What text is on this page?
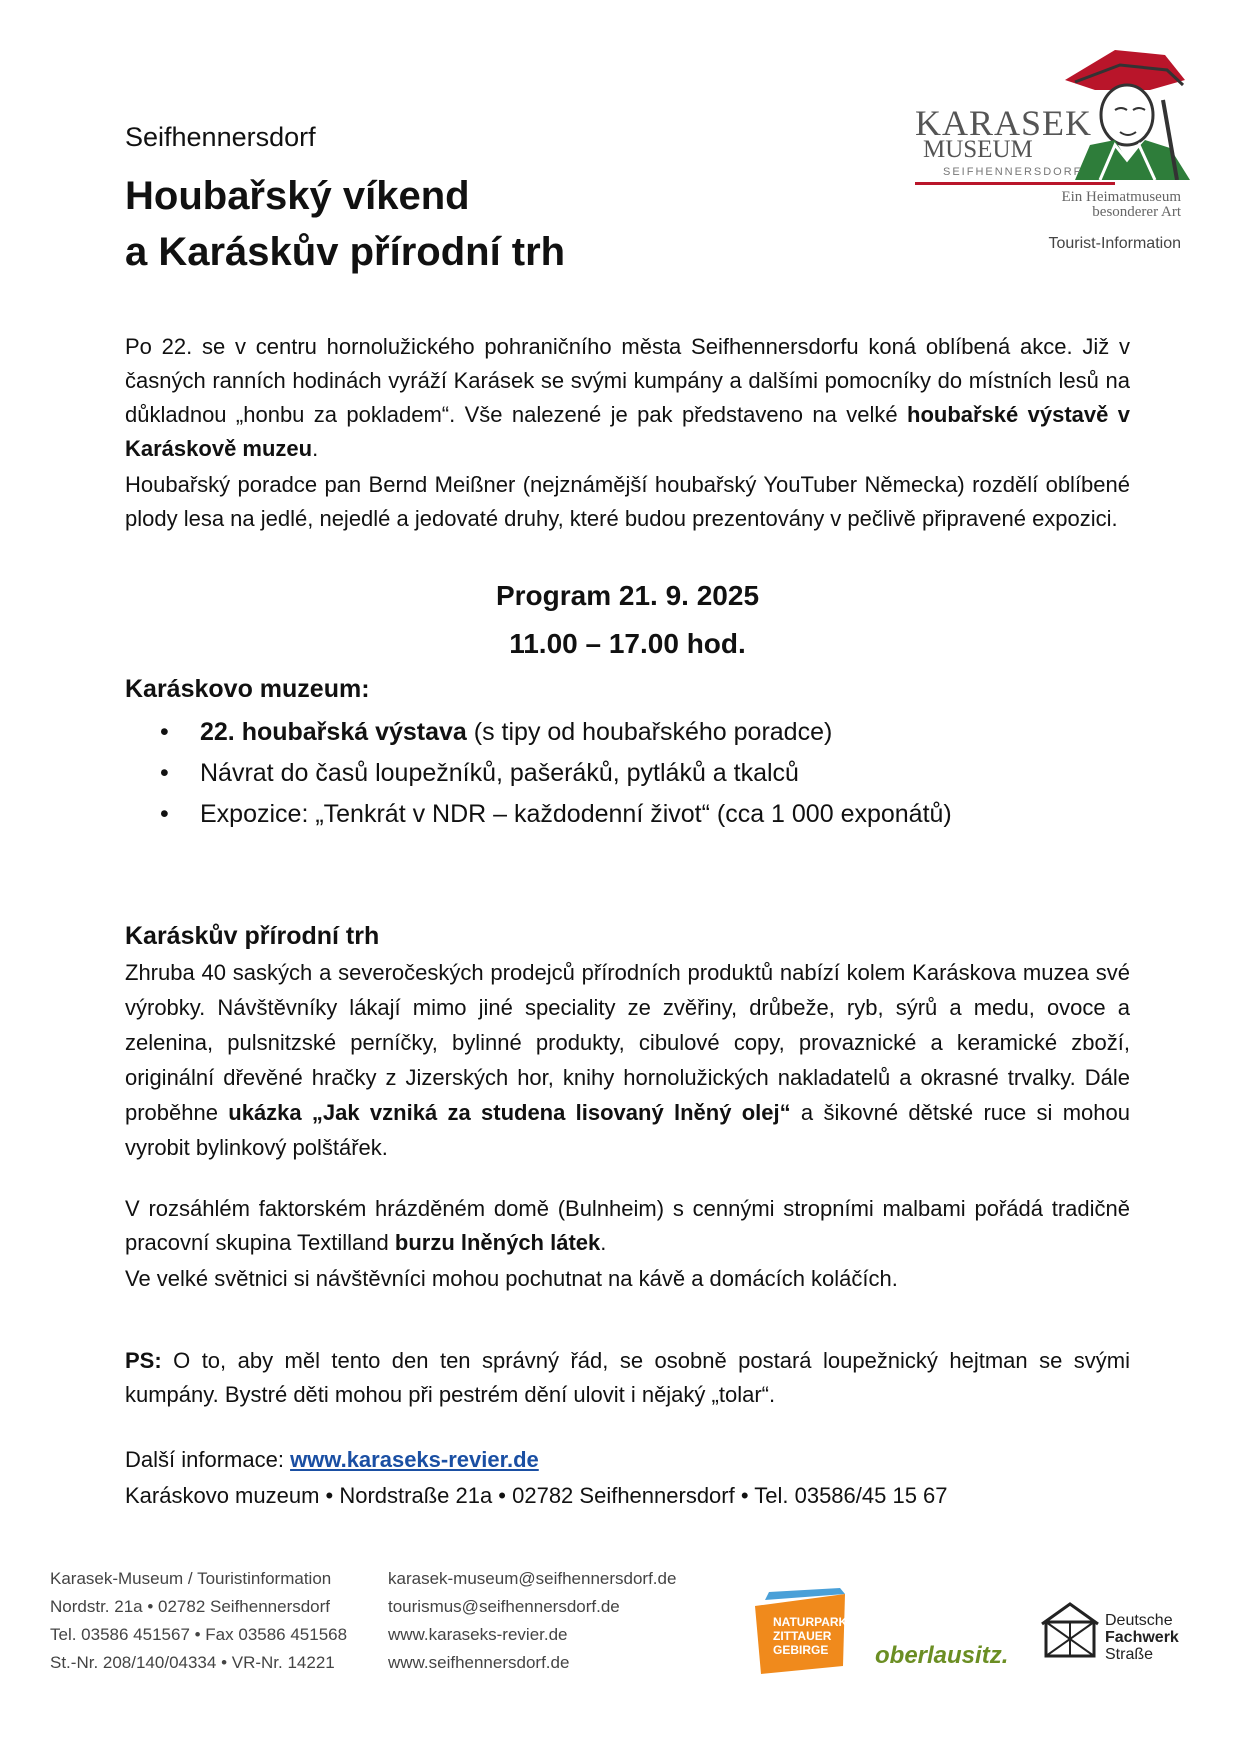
Seifhennersdorf
Houbařský víkend
a Karáskův přírodní trh
KARASEK
MUSEUM
SEIFHENNERSDORF
Ein Heimatmuseum
besonderer Art
Tourist-Information
Po 22. se v centru hornolužického pohraničního města Seifhennersdorfu koná oblíbená akce. Již v časných ranních hodinách vyráží Karásek se svými kumpány a dalšími pomocníky do místních lesů na důkladnou „honbu za pokladem“. Vše nalezené je pak představeno na velké houbařské výstavě v Karáskově muzeu.
Houbařský poradce pan Bernd Meißner (nejznámější houbařský YouTuber Německa) rozdělí oblíbené plody lesa na jedlé, nejedlé a jedovaté druhy, které budou prezentovány v pečlivě připravené expozici.
Program 21. 9. 2025
11.00 – 17.00 hod.
Karáskovo muzeum:
• 22. houbařská výstava (s tipy od houbařského poradce)
• Návrat do časů loupežníků, pašeráků, pytláků a tkalců
• Expozice: „Tenkrát v NDR – každodenní život“ (cca 1 000 exponátů)
Karáskův přírodní trh
Zhruba 40 saských a severočeských prodejců přírodních produktů nabízí kolem Karáskova muzea své výrobky. Návštěvníky lákají mimo jiné speciality ze zvěřiny, drůbeže, ryb, sýrů a medu, ovoce a zelenina, pulsnitzské perníčky, bylinné produkty, cibulové copy, provaznické a keramické zboží, originální dřevěné hračky z Jizerských hor, knihy hornolužických nakladatelů a okrasné trvalky. Dále proběhne ukázka „Jak vzniká za studena lisovaný lněný olej“ a šikovné dětské ruce si mohou vyrobit bylinkový polštářek.
V rozsáhlém faktorském hrázděném domě (Bulnheim) s cennými stropními malbami pořádá tradičně pracovní skupina Textilland burzu lněných látek.
Ve velké světnici si návštěvníci mohou pochutnat na kávě a domácích koláčích.
PS: O to, aby měl tento den ten správný řád, se osobně postará loupežnický hejtman se svými kumpány. Bystré děti mohou při pestrém dění ulovit i nějaký „tolar“.
Další informace: www.karaseks-revier.de
Karáskovo muzeum • Nordstraße 21a • 02782 Seifhennersdorf • Tel. 03586/45 15 67
Karasek-Museum / Touristinformation
Nordstr. 21a • 02782 Seifhennersdorf
Tel. 03586 451567 • Fax 03586 451568
St.-Nr. 208/140/04334 • VR-Nr. 14221
karasek-museum@seifhennersdorf.de
tourismus@seifhennersdorf.de
www.karaseks-revier.de
www.seifhennersdorf.de
NATURPARK
ZITTAUER
GEBIRGE oberlausitz.
Deutsche
Fachwerk
Straße
